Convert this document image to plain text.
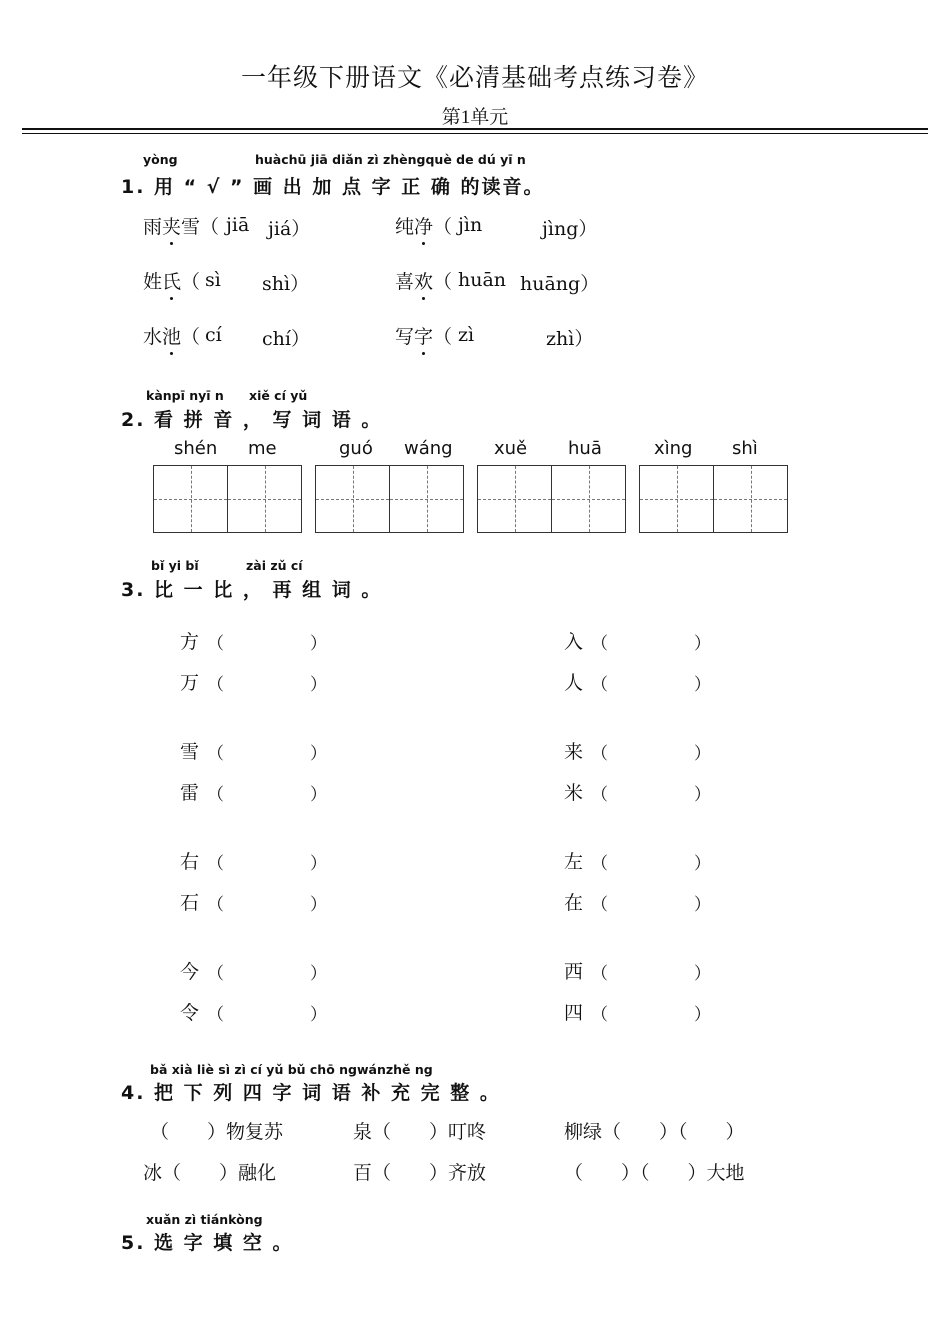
一年级下册语文《必清基础考点练习卷》
第1单元
yòng	huàchū jiā diǎn zì zhèngquè de dú yī n
1. 用 “ √ ” 画 出 加 点 字 正 确 的读音。
雨夹雪（ jiā jiá）	纯净（ jìn	jìng）
姓氏（ sì shì）	喜欢（ huān huāng）
水池（ cí chí）	写字（ zì	zhì）
kànpī nyī n xiě cí yǔ
2. 看 拼 音 ， 写 词 语 。
shén me	guó wáng xuě huā	xìng shì
bǐ yi bǐ	zài zǔ cí
3. 比 一 比 ， 再 组 词 。
方 （	）	入 （	）
万 （	）	人 （	）
雪 （	）	来 （	）
雷 （	）	米 （	）
右 （	）	左 （	）
石 （	）	在 （	）
今 （	）	西 （	）
令 （	）	四 （	）
bǎ xià liè sì zì cí yǔ bǔ chō ngwánzhě ng
4. 把 下 列 四 字 词 语 补 充 完 整 。
（　　）物复苏	泉（　　）叮咚	柳绿（　　）（　　）
冰（　　）融化	百（　　）齐放	（　　）（　　）大地
xuǎn zì tiánkòng
5. 选 字 填 空 。
